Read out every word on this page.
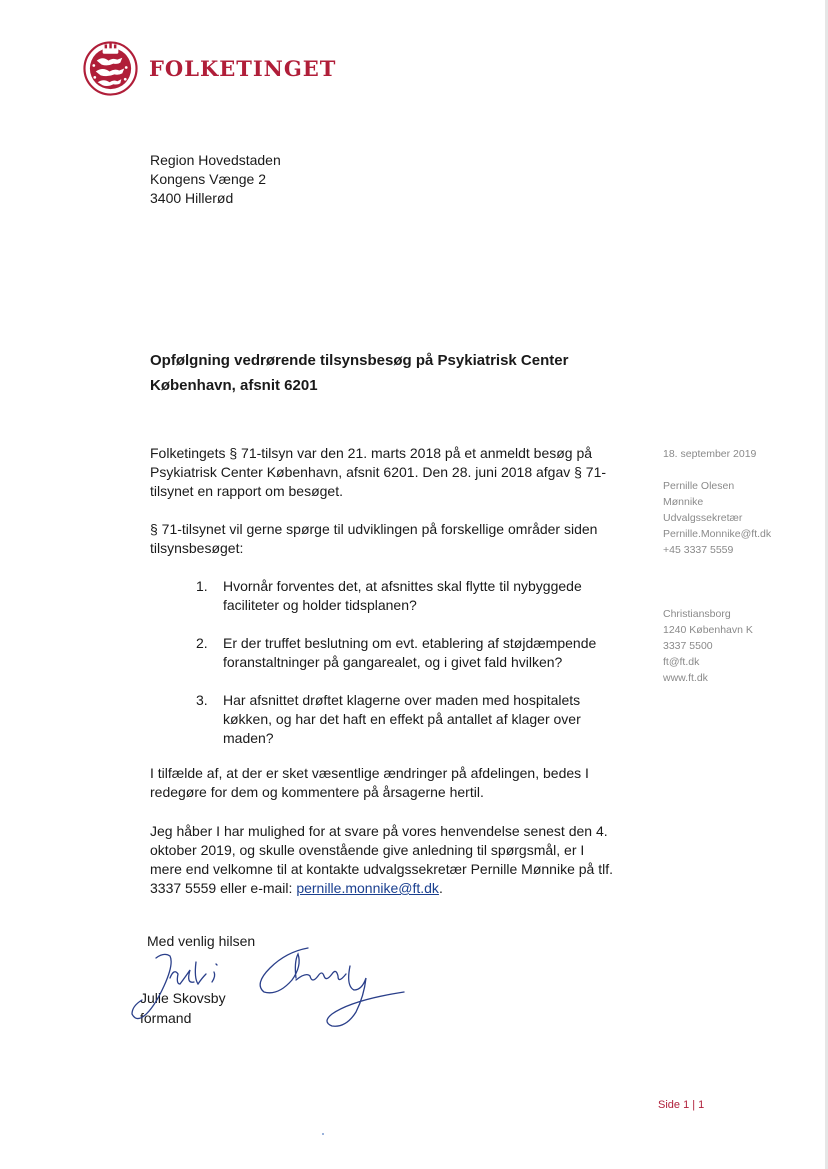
FOLKETINGET
Region Hovedstaden
Kongens Vænge 2
3400 Hillerød
Opfølgning vedrørende tilsynsbesøg på Psykiatrisk Center
København, afsnit 6201
Folketingets § 71-tilsyn var den 21. marts 2018 på et anmeldt besøg på Psykiatrisk Center København, afsnit 6201. Den 28. juni 2018 afgav § 71-tilsynet en rapport om besøget.
§ 71-tilsynet vil gerne spørge til udviklingen på forskellige områder siden tilsynsbesøget:
1.	Hvornår forventes det, at afsnittes skal flytte til nybyggede faciliteter og holder tidsplanen?
2.	Er der truffet beslutning om evt. etablering af støjdæmpende foranstaltninger på gangarealet, og i givet fald hvilken?
3.	Har afsnittet drøftet klagerne over maden med hospitalets køkken, og har det haft en effekt på antallet af klager over maden?
I tilfælde af, at der er sket væsentlige ændringer på afdelingen, bedes I redegøre for dem og kommentere på årsagerne hertil.
Jeg håber I har mulighed for at svare på vores henvendelse senest den 4. oktober 2019, og skulle ovenstående give anledning til spørgsmål, er I mere end velkomne til at kontakte udvalgssekretær Pernille Mønnike på tlf. 3337 5559 eller e-mail: pernille.monnike@ft.dk.
Med venlig hilsen
Julie Skovsby
formand
18. september 2019
Pernille Olesen
Mønnike
Udvalgssekretær
Pernille.Monnike@ft.dk
+45 3337 5559
Christiansborg
1240 København K
3337 5500
ft@ft.dk
www.ft.dk
Side 1 | 1
